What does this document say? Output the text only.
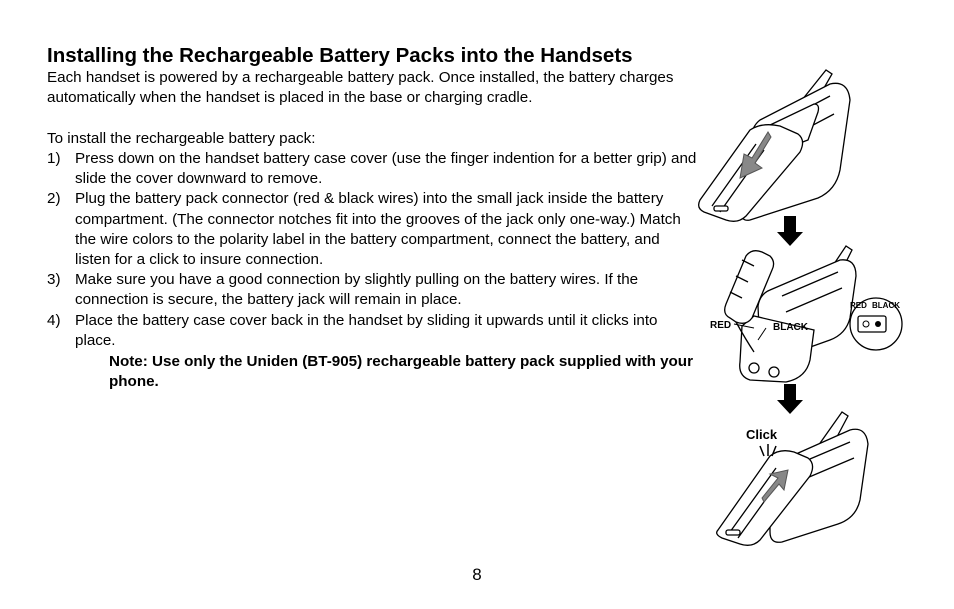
Installing the Rechargeable Battery Packs into the Handsets

Each handset is powered by a rechargeable battery pack. Once installed, the battery charges automatically when the handset is placed in the base or charging cradle.

To install the rechargeable battery pack:

1) Press down on the handset battery case cover (use the finger indention for a better grip) and slide the cover downward to remove.
2) Plug the battery pack connector (red & black wires) into the small jack inside the battery compartment. (The connector notches fit into the grooves of the jack only one-way.) Match the wire colors to the polarity label in the battery compartment, connect the battery, and listen for a click to insure connection.
3) Make sure you have a good connection by slightly pulling on the battery wires. If the connection is secure, the battery jack will remain in place.
4) Place the battery case cover back in the handset by sliding it upwards until it clicks into place.

Note: Use only the Uniden (BT-905) rechargeable battery pack supplied with your phone.

RED	BLACK
RED BLACK
Click
8
